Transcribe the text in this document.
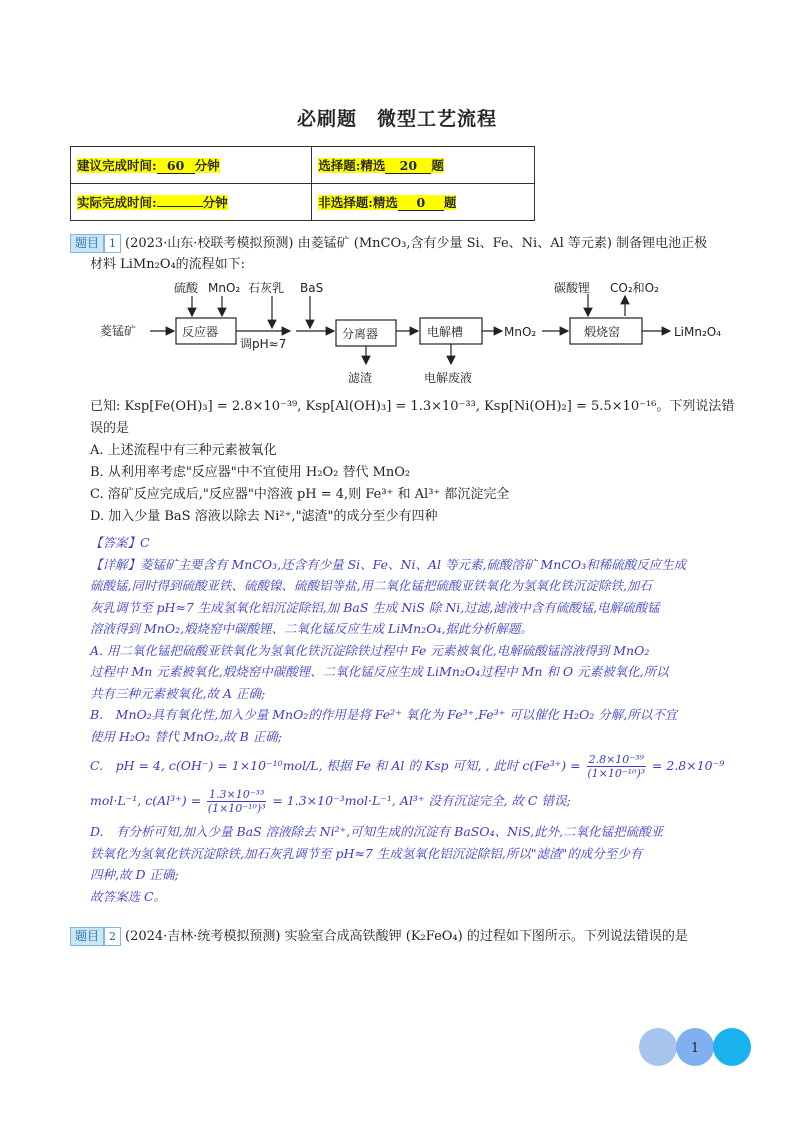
必刷题　微型工艺流程
建议完成时间: 60 分钟	选择题:精选 20 题
实际完成时间: 分钟	非选择题:精选 0 题
题目 1 (2023·山东·校联考模拟预测) 由菱锰矿 (MnCO₃,含有少量 Si、Fe、Ni、Al 等元素) 制备锂电池正极
材料 LiMn₂O₄的流程如下:
菱锰矿	反应器
硫酸 MnO₂ 石灰乳 BaS
调pH≈7
分离器
滤渣
电解槽
电解废液
MnO₂
碳酸锂 CO₂和O₂
煅烧窑	LiMn₂O₄
已知: Ksp[Fe(OH)₃] = 2.8×10⁻³⁹, Ksp[Al(OH)₃] = 1.3×10⁻³³, Ksp[Ni(OH)₂] = 5.5×10⁻¹⁶。下列说法错
误的是
A. 上述流程中有三种元素被氧化
B. 从利用率考虑"反应器"中不宜使用 H₂O₂ 替代 MnO₂
C. 溶矿反应完成后,"反应器"中溶液 pH = 4,则 Fe³⁺ 和 Al³⁺ 都沉淀完全
D. 加入少量 BaS 溶液以除去 Ni²⁺,"滤渣"的成分至少有四种

【答案】C

【详解】菱锰矿主要含有 MnCO₃,还含有少量 Si、Fe、Ni、Al 等元素,硫酸溶矿 MnCO₃和稀硫酸反应生成

硫酸锰,同时得到硫酸亚铁、硫酸镍、硫酸铝等盐,用二氧化锰把硫酸亚铁氧化为氢氧化铁沉淀除铁,加石

灰乳调节至 pH≈7 生成氢氧化铝沉淀除铝,加 BaS 生成 NiS 除 Ni,过滤,滤液中含有硫酸锰,电解硫酸锰

溶液得到 MnO₂,煅烧窑中碳酸锂、二氧化锰反应生成 LiMn₂O₄,据此分析解题。

A. 用二氧化锰把硫酸亚铁氧化为氢氧化铁沉淀除铁过程中 Fe 元素被氧化,电解硫酸锰溶液得到 MnO₂

过程中 Mn 元素被氧化,煅烧窑中碳酸锂、二氧化锰反应生成 LiMn₂O₄过程中 Mn 和 O 元素被氧化,所以

共有三种元素被氧化,故 A 正确;

B.　MnO₂具有氧化性,加入少量 MnO₂的作用是将 Fe²⁺ 氧化为 Fe³⁺,Fe³⁺ 可以催化 H₂O₂ 分解,所以不宜

使用 H₂O₂ 替代 MnO₂,故 B 正确;

C.　pH = 4, c(OH⁻) = 1×10⁻¹⁰mol/L, 根据 Fe 和 Al 的 Ksp 可知, , 此时 $c(Fe^{3+}) = \frac{\text{2.8×10⁻³⁹}}{\text{(1×10⁻¹⁰)³}} = 2.8\times 10^{-9}$

mol·L⁻¹, $c(Al^{3+}) = \frac{\text{1.3×10⁻³³}}{\text{(1×10⁻¹⁰)³}} = 1.3\times 10^{-3}mol\cdot L^{-1}$, Al³⁺ 没有沉淀完全, 故 C 错误;

D.　有分析可知,加入少量 BaS 溶液除去 Ni²⁺,可知生成的沉淀有 BaSO₄、NiS,此外,二氧化锰把硫酸亚

铁氧化为氢氧化铁沉淀除铁,加石灰乳调节至 pH≈7 生成氢氧化铝沉淀除铝,所以"滤渣"的成分至少有

四种,故 D 正确;

故答案选 C。

题目 2 (2024·吉林·统考模拟预测) 实验室合成高铁酸钾 (K₂FeO₄) 的过程如下图所示。下列说法错误的是
1
